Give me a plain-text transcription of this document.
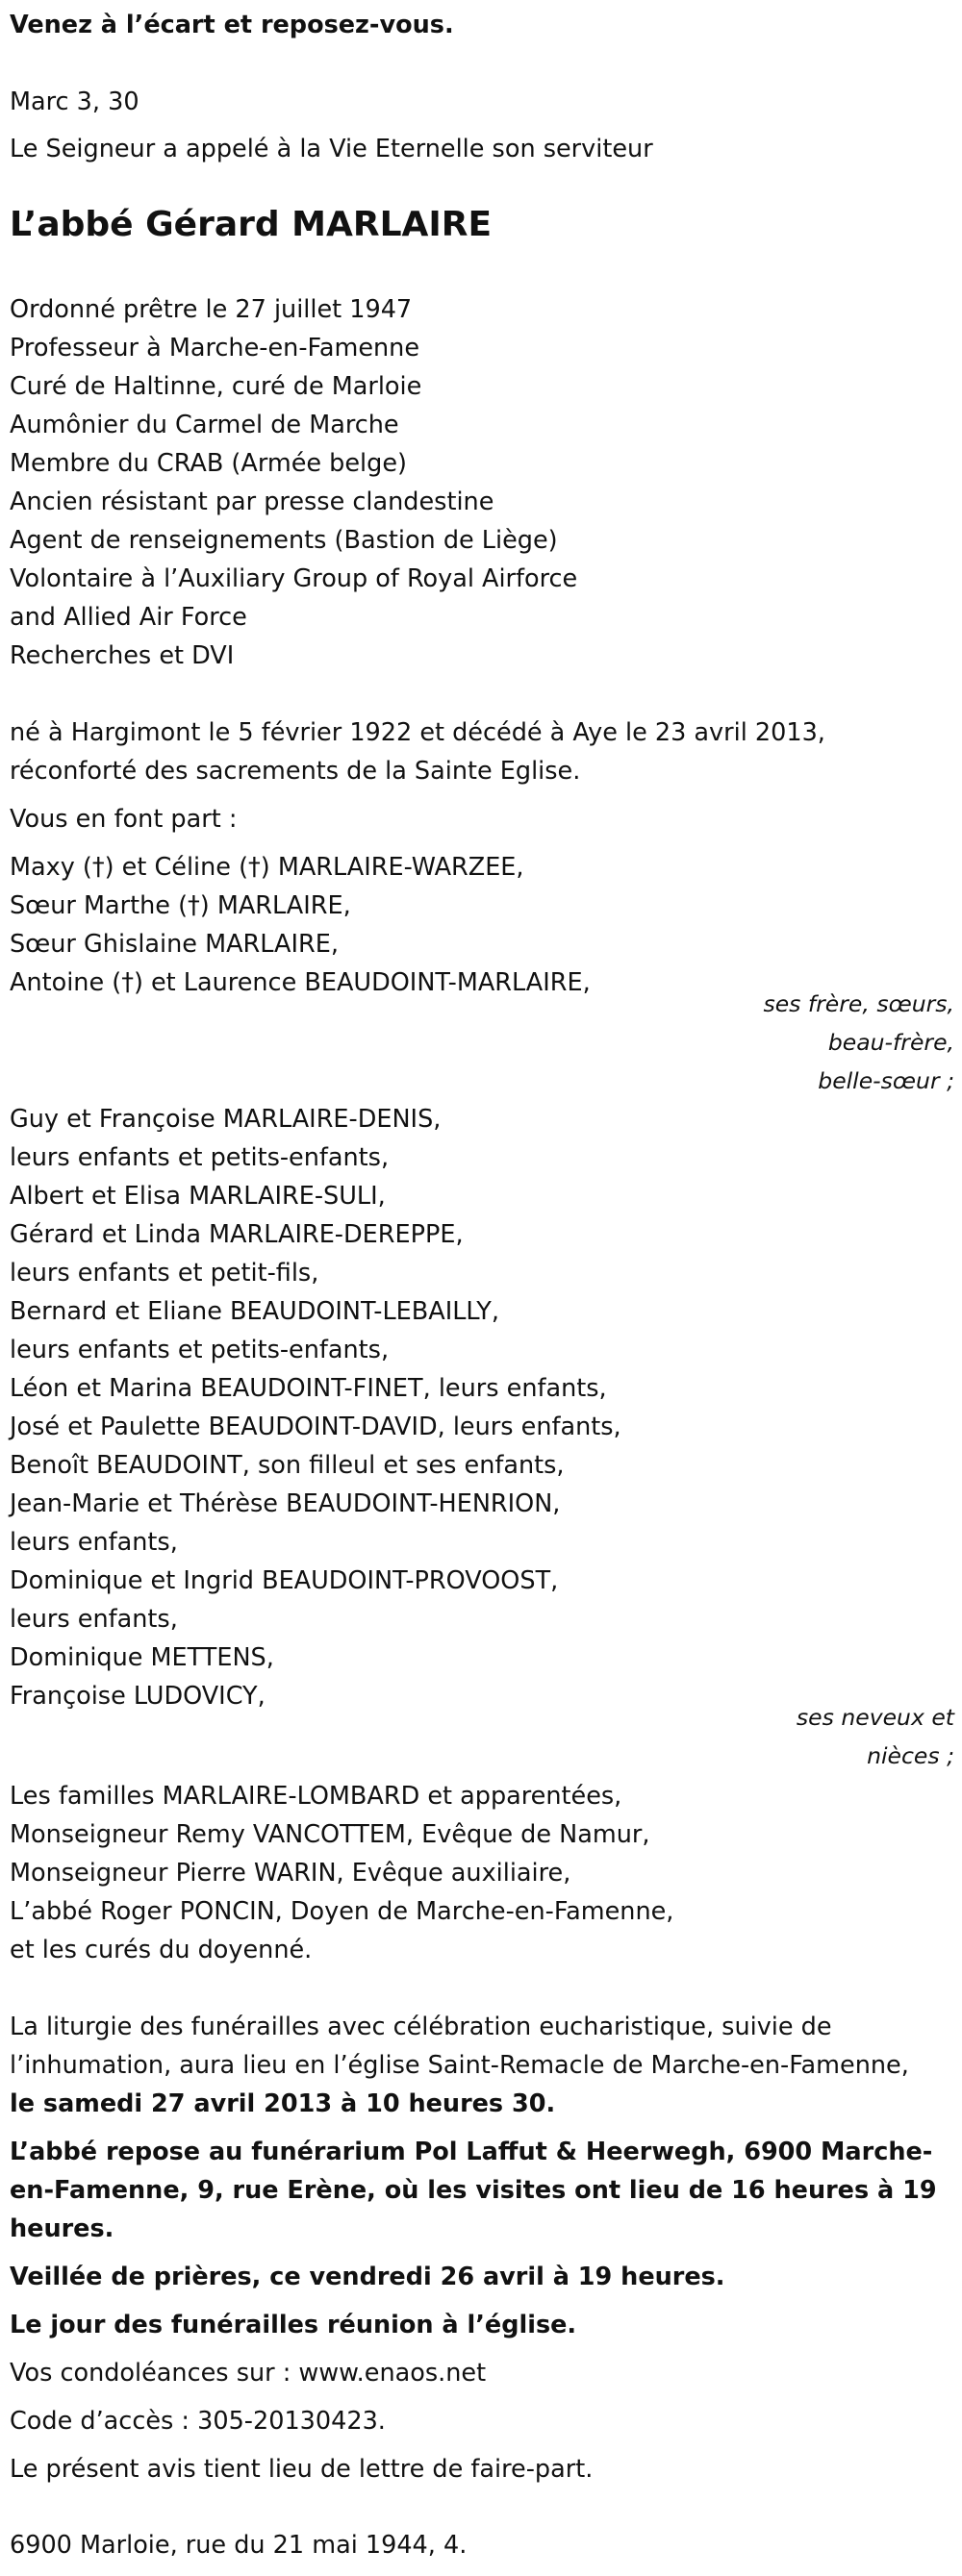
Venez à l’écart et reposez-vous.

Marc 3, 30

Le Seigneur a appelé à la Vie Eternelle son serviteur

L’abbé Gérard MARLAIRE

Ordonné prêtre le 27 juillet 1947

Professeur à Marche-en-Famenne

Curé de Haltinne, curé de Marloie

Aumônier du Carmel de Marche

Membre du CRAB (Armée belge)

Ancien résistant par presse clandestine

Agent de renseignements (Bastion de Liège)

Volontaire à l’Auxiliary Group of Royal Airforce

and Allied Air Force

Recherches et DVI

né à Hargimont le 5 février 1922 et décédé à Aye le 23 avril 2013,

réconforté des sacrements de la Sainte Eglise.

Vous en font part :

Maxy (†) et Céline (†) MARLAIRE-WARZEE,

Sœur Marthe (†) MARLAIRE,

Sœur Ghislaine MARLAIRE,

Antoine (†) et Laurence BEAUDOINT-MARLAIRE,

ses frère, sœurs,

beau-frère,

belle-sœur ;

Guy et Françoise MARLAIRE-DENIS,

leurs enfants et petits-enfants,

Albert et Elisa MARLAIRE-SULI,

Gérard et Linda MARLAIRE-DEREPPE,

leurs enfants et petit-fils,

Bernard et Eliane BEAUDOINT-LEBAILLY,

leurs enfants et petits-enfants,

Léon et Marina BEAUDOINT-FINET, leurs enfants,

José et Paulette BEAUDOINT-DAVID, leurs enfants,

Benoît BEAUDOINT, son filleul et ses enfants,

Jean-Marie et Thérèse BEAUDOINT-HENRION,

leurs enfants,

Dominique et Ingrid BEAUDOINT-PROVOOST,

leurs enfants,

Dominique METTENS,

Françoise LUDOVICY,

ses neveux et

nièces ;

Les familles MARLAIRE-LOMBARD et apparentées,

Monseigneur Remy VANCOTTEM, Evêque de Namur,

Monseigneur Pierre WARIN, Evêque auxiliaire,

L’abbé Roger PONCIN, Doyen de Marche-en-Famenne,

et les curés du doyenné.

La liturgie des funérailles avec célébration eucharistique, suivie de

l’inhumation, aura lieu en l’église Saint-Remacle de Marche-en-Famenne,

le samedi 27 avril 2013 à 10 heures 30.

L’abbé repose au funérarium Pol Laffut & Heerwegh, 6900 Marche-

en-Famenne, 9, rue Erène, où les visites ont lieu de 16 heures à 19

heures.

Veillée de prières, ce vendredi 26 avril à 19 heures.

Le jour des funérailles réunion à l’église.

Vos condoléances sur : www.enaos.net

Code d’accès : 305-20130423.

Le présent avis tient lieu de lettre de faire-part.

6900 Marloie, rue du 21 mai 1944, 4.
